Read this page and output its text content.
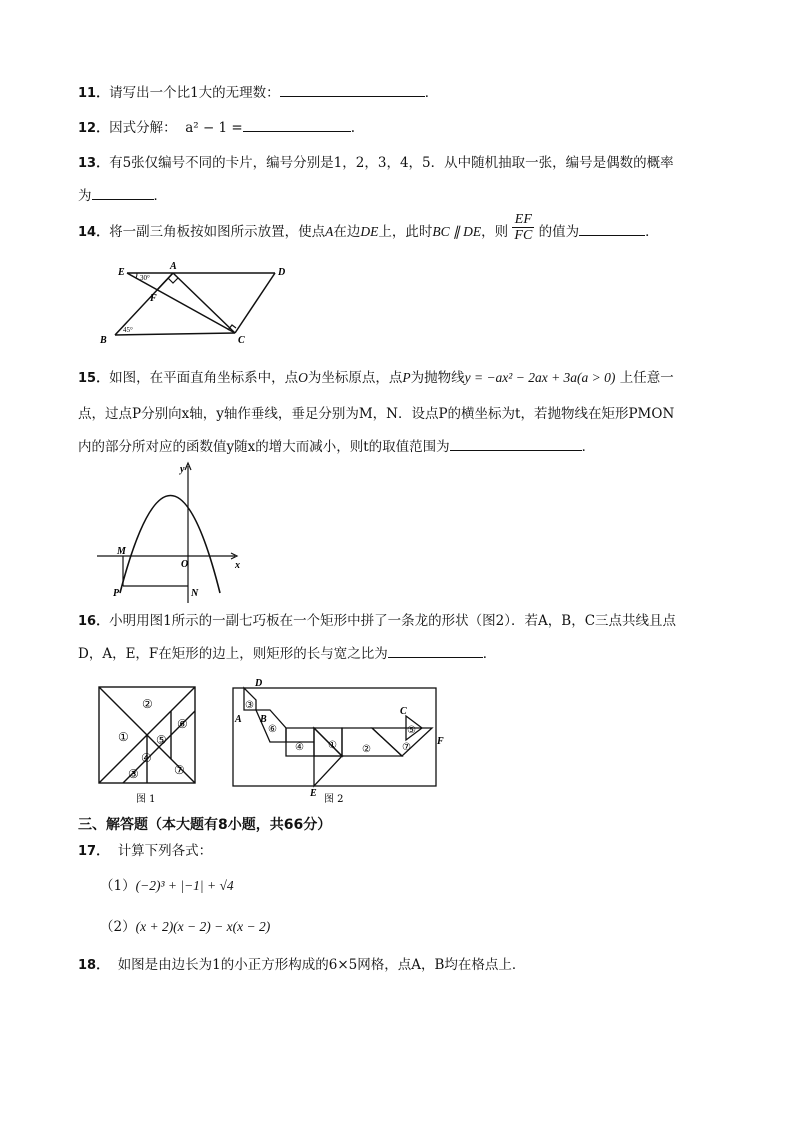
11．请写出一个比1大的无理数：	．
12．因式分解： a² − 1 =	.
13．有5张仅编号不同的卡片，编号分别是1，2，3，4，5．从中随机抽取一张，编号是偶数的概率
为	．
14．将一副三角板按如图所示放置，使点A在边DE上，此时BC ∥ DE，则 $\frac{EF}{FC}$ 的值为	．
E
A
D
F
B	C
30°
45°
15．如图，在平面直角坐标系中，点O为坐标原点，点P为抛物线y = −ax² − 2ax + 3a(a > 0) 上任意一
点，过点P分别向x轴，y轴作垂线，垂足分别为M，N．设点P的横坐标为t，若抛物线在矩形PMON
内的部分所对应的函数值y随x的增大而减小，则t的取值范围为	．
y
x
O
M
N
P
16．小明用图1所示的一副七巧板在一个矩形中拼了一条龙的形状（图2）．若A，B，C三点共线且点
D，A，E，F在矩形的边上，则矩形的长与宽之比为	．
①
②
③
④
⑤
⑥
⑦
图 1
①	②
③
④
⑤
⑥
⑦
D
A B
C
F
E
图 2
三、解答题（本大题有8小题，共66分）
17． 计算下列各式：
（1）(−2)³ + |−1| + √4
（2）(x + 2)(x − 2) − x(x − 2)
18． 如图是由边长为1的小正方形构成的6×5网格，点A，B均在格点上．
